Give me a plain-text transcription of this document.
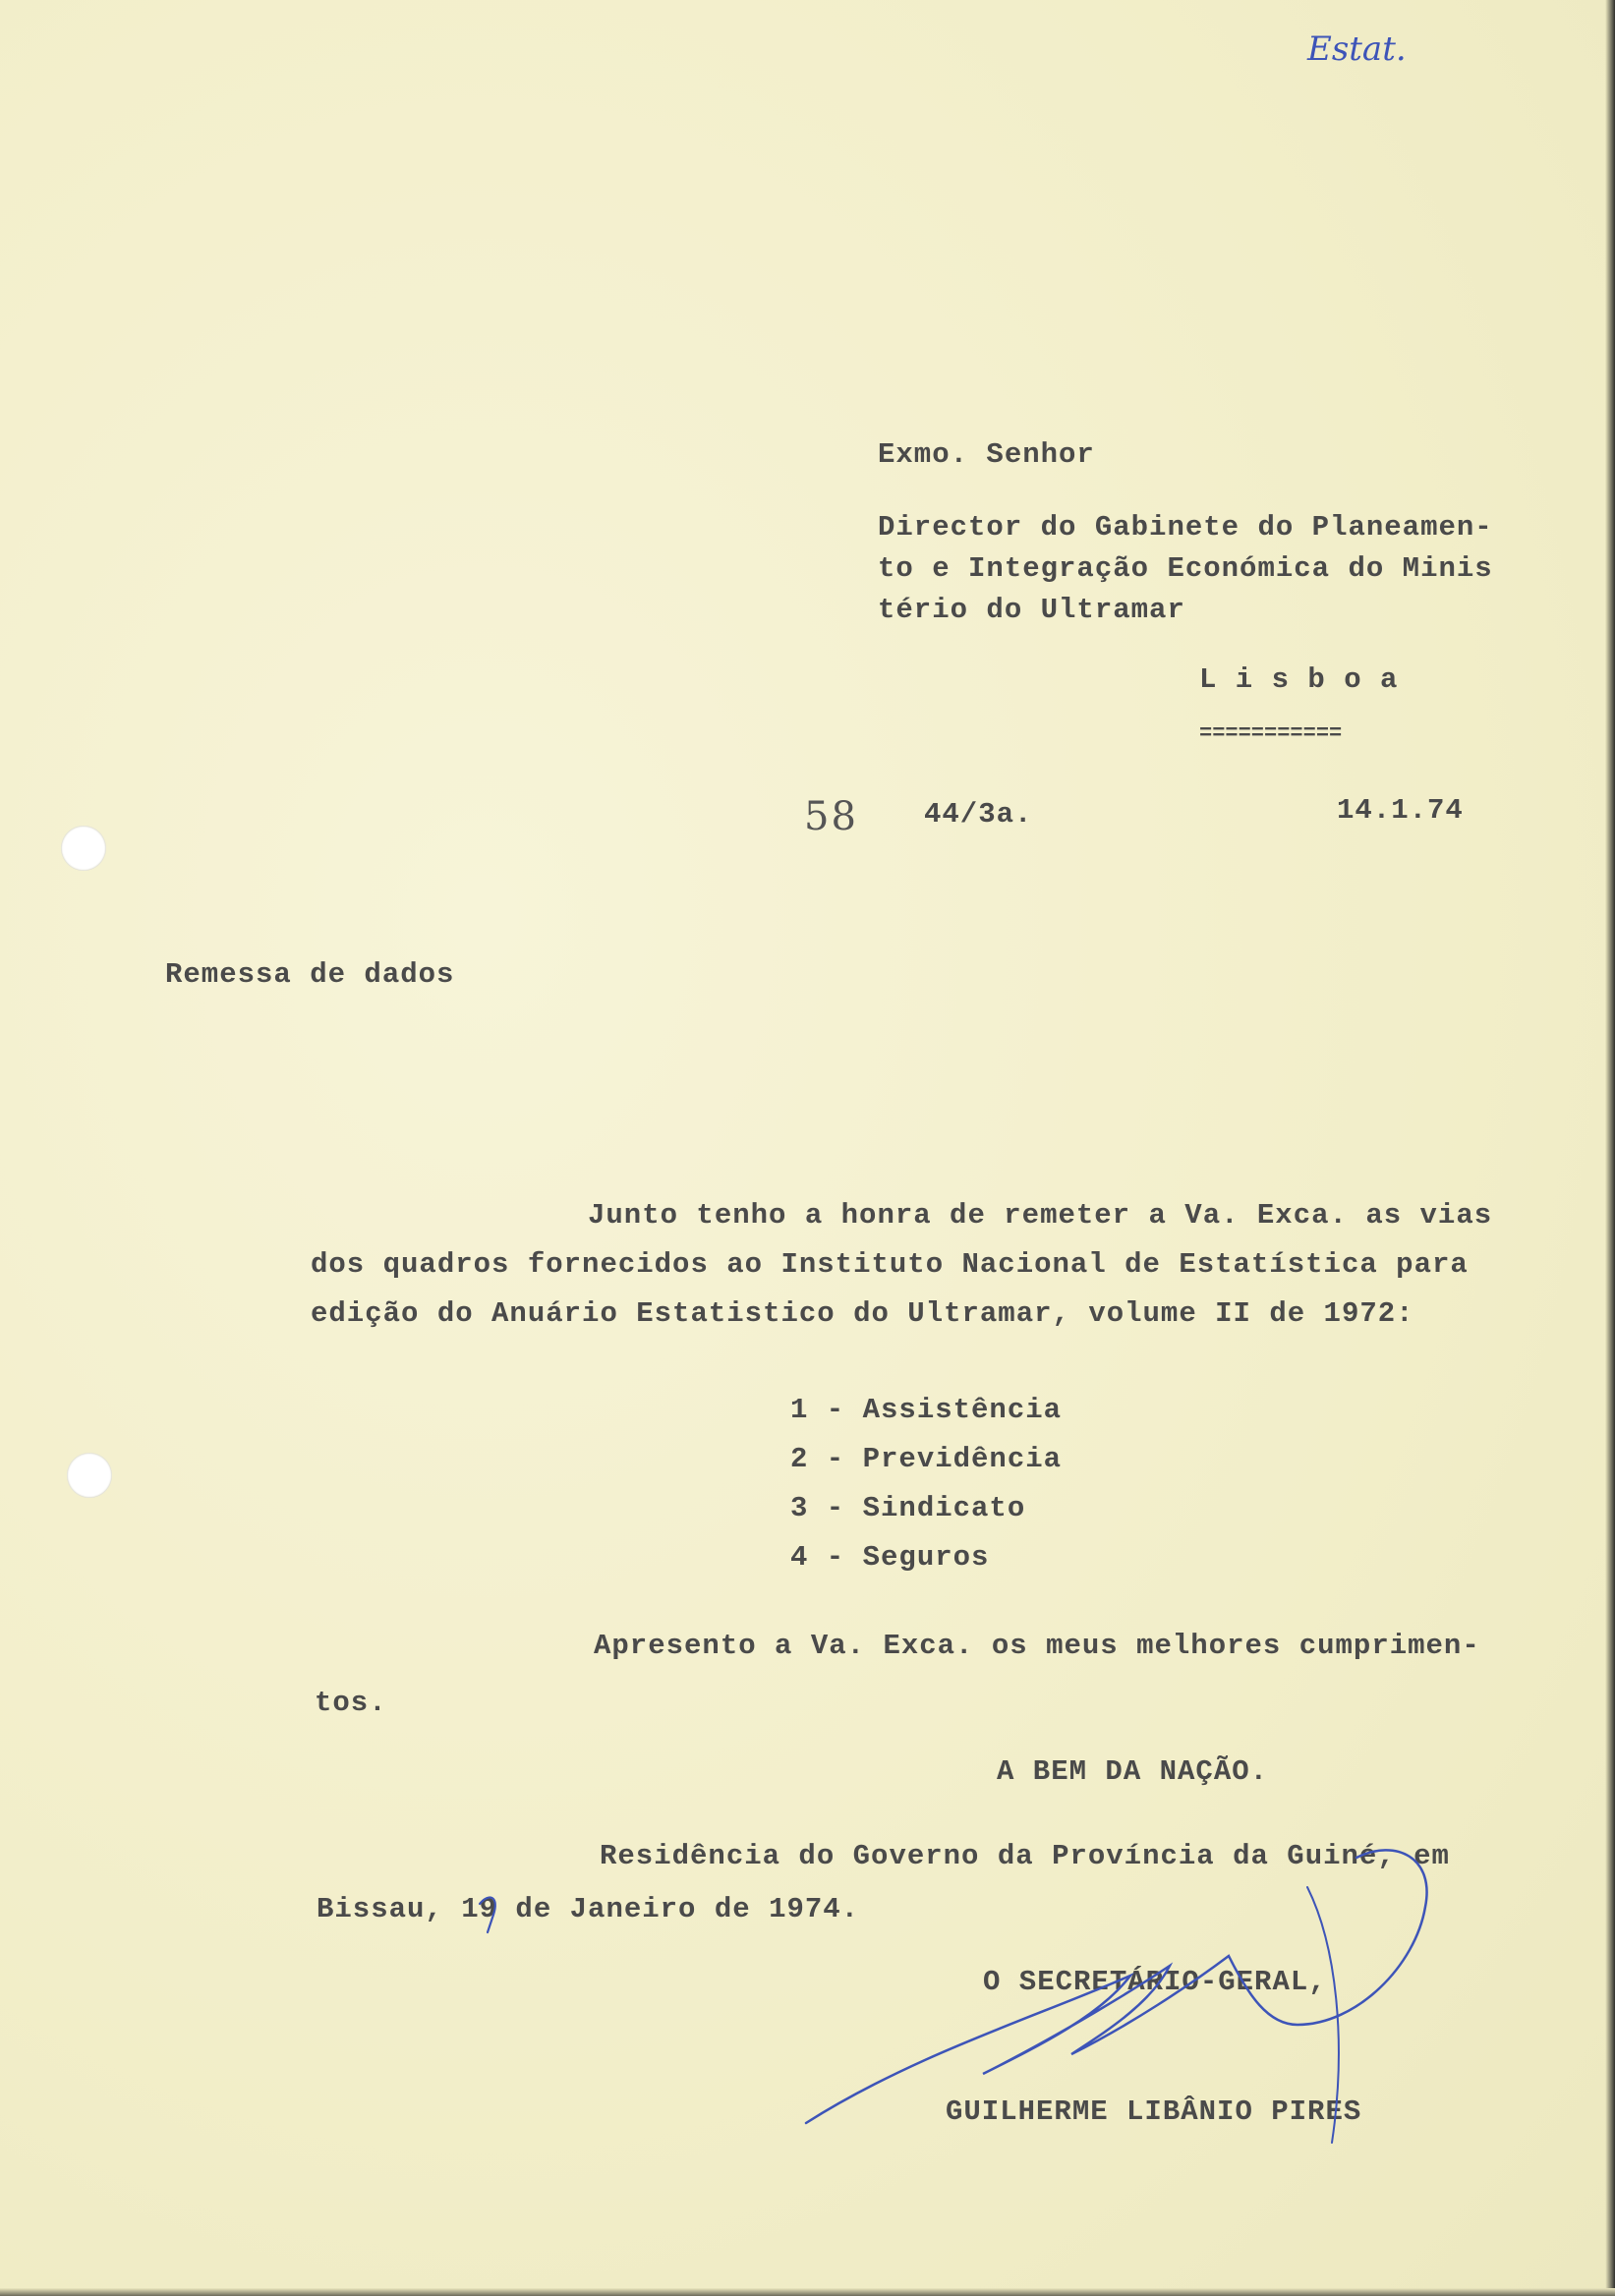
Estat.

Exmo. Senhor

Director do Gabinete do Planeamen-

to e Integração Económica do Minis

tério do Ultramar

L i s b o a

===========

58 44/3a.	14.1.74

Remessa de dados

Junto tenho a honra de remeter a Va. Exca. as vias

dos quadros fornecidos ao Instituto Nacional de Estatística para

edição do Anuário Estatistico do Ultramar, volume II de 1972:

1 - Assistência

2 - Previdência

3 - Sindicato

4 - Seguros

Apresento a Va. Exca. os meus melhores cumprimen-

tos.

A BEM DA NAÇÃO.

Residência do Governo da Província da Guiné, em

Bissau, 19 de Janeiro de 1974.

O SECRETÁRIO-GERAL,

GUILHERME LIBÂNIO PIRES
